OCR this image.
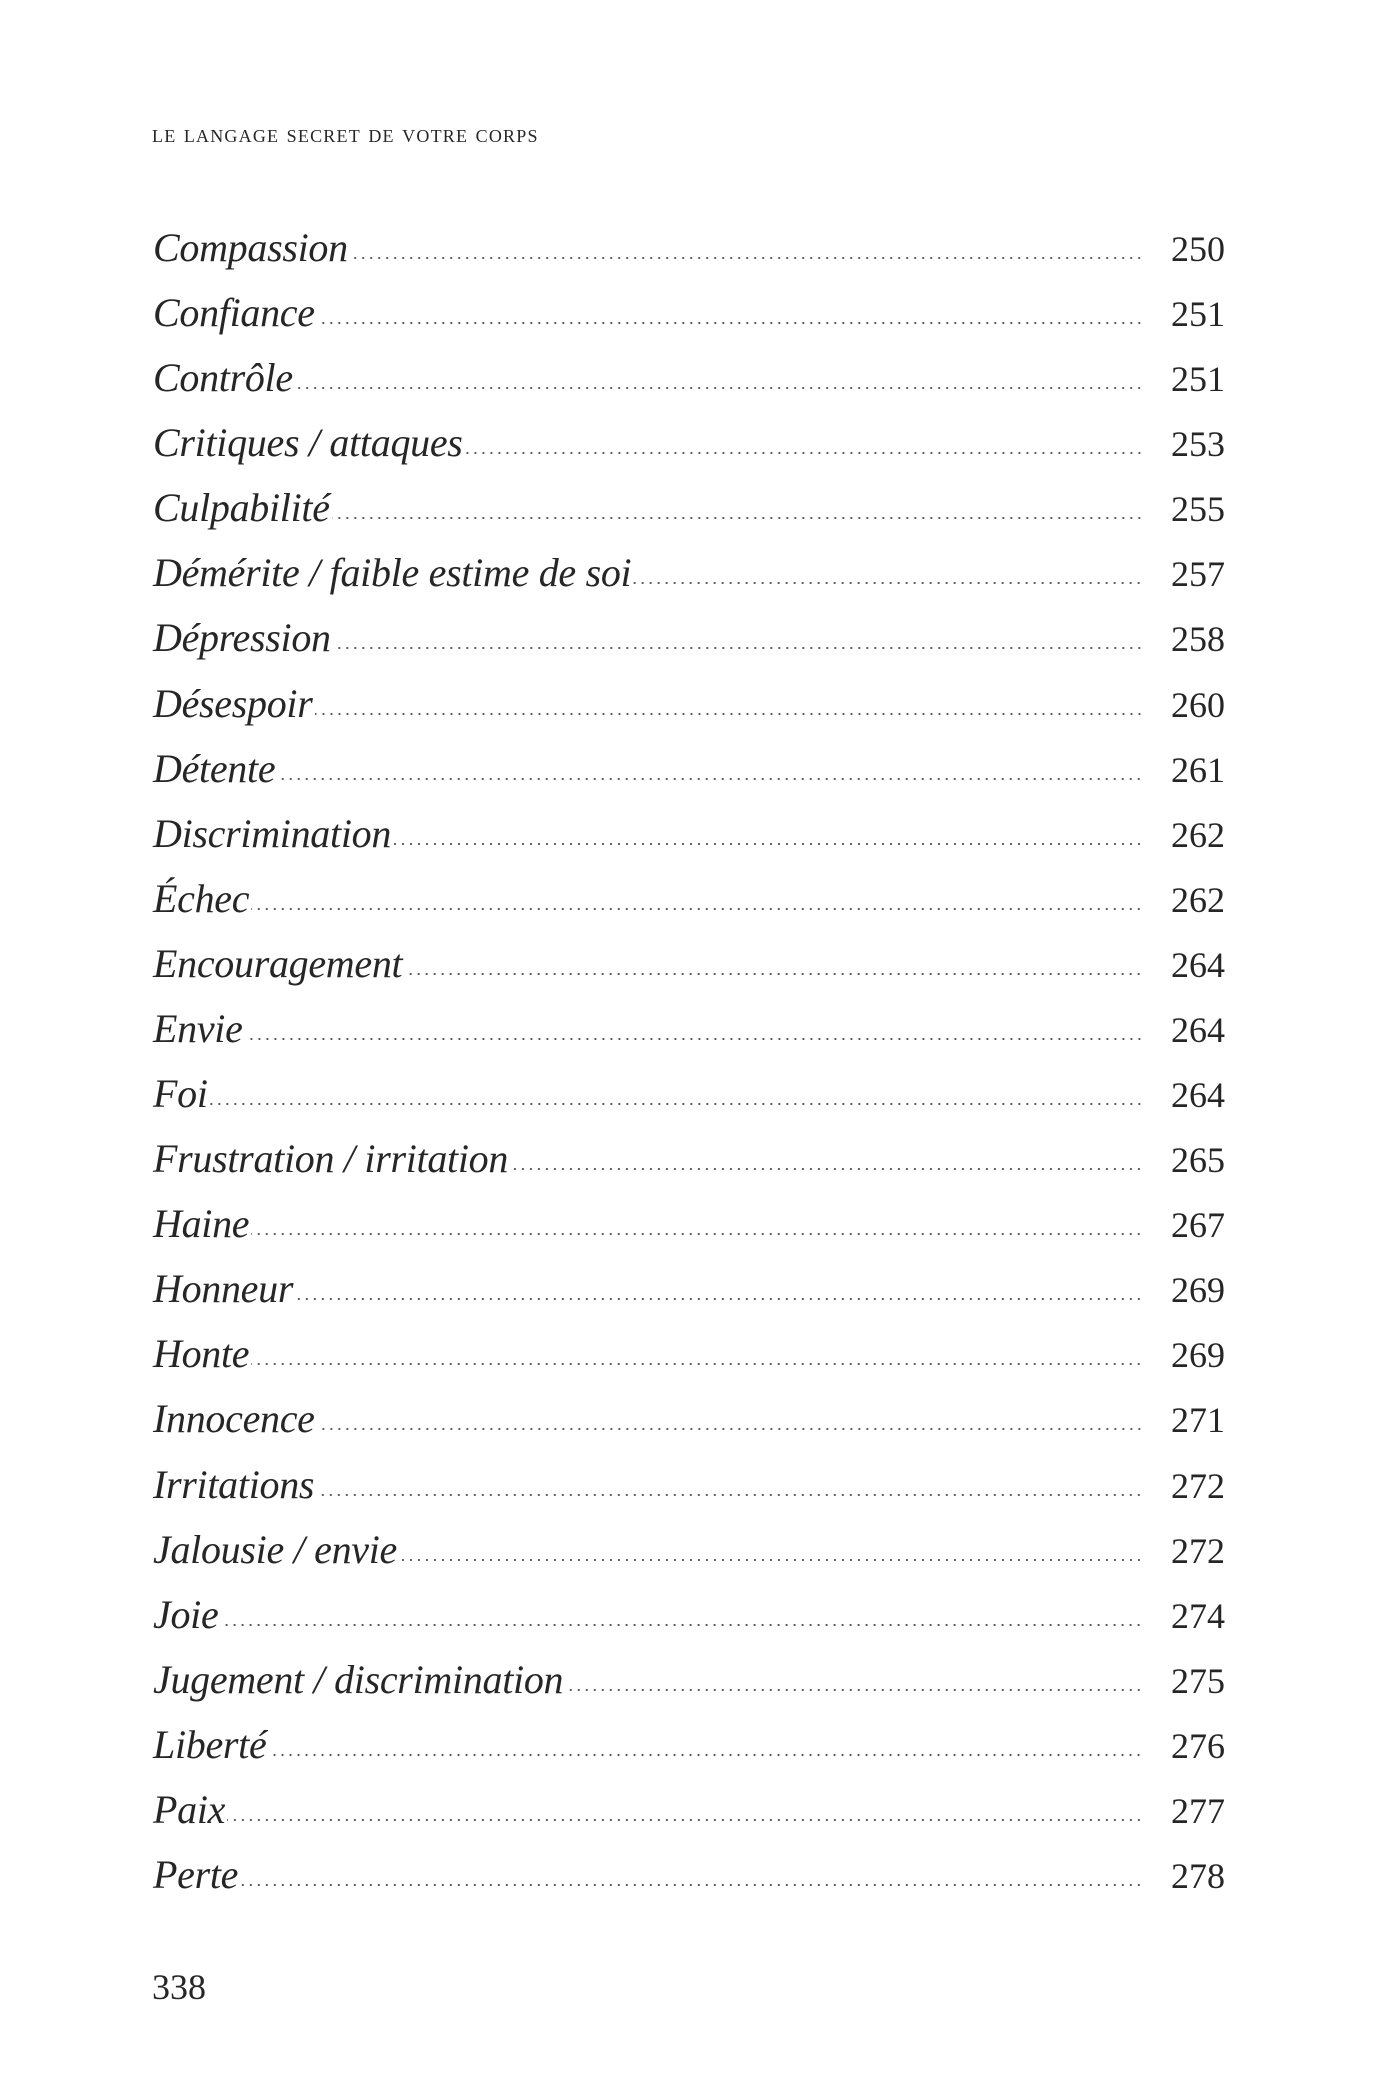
le langage secret de votre corps
Compassion	250
Confiance	251
Contrôle	251
Critiques / attaques	253
Culpabilité	255
Démérite / faible estime de soi	257
Dépression	258
Désespoir	260
Détente	261
Discrimination	262
Échec	262
Encouragement	264
Envie	264
Foi	264
Frustration / irritation	265
Haine	267
Honneur	269
Honte	269
Innocence	271
Irritations	272
Jalousie / envie	272
Joie	274
Jugement / discrimination	275
Liberté	276
Paix	277
Perte	278
338
